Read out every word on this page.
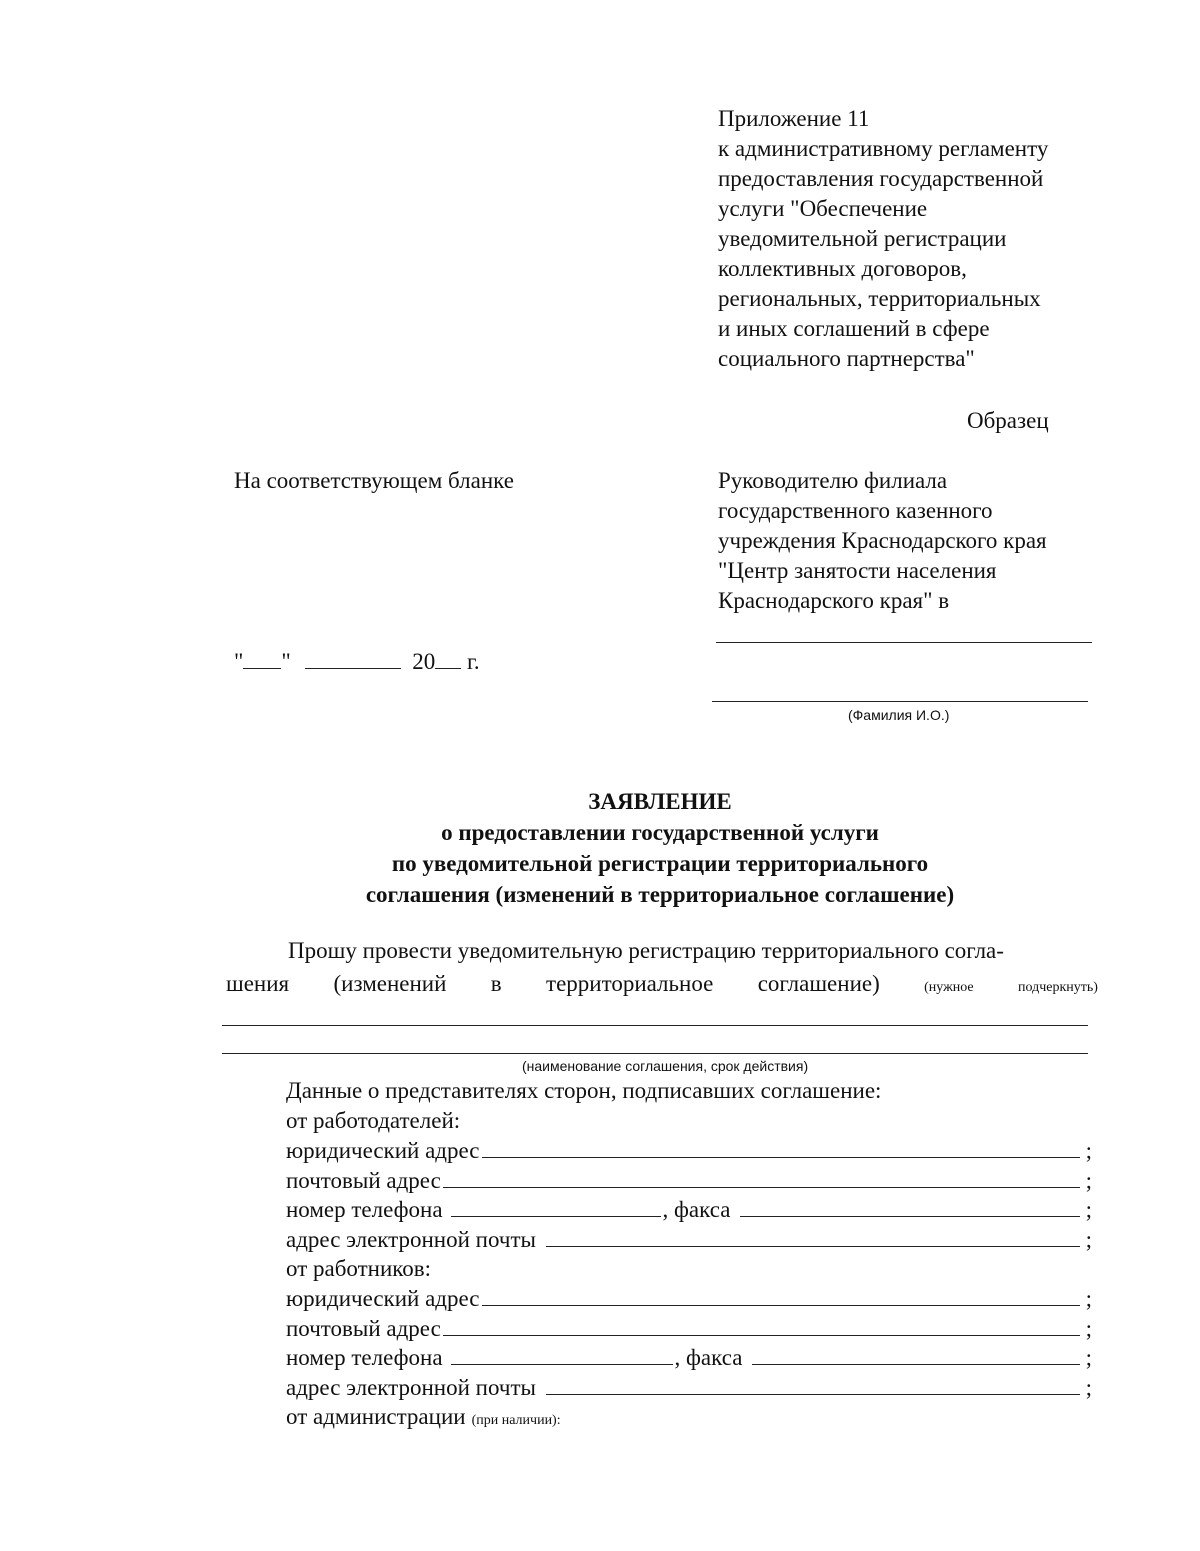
Приложение 11
к административному регламенту
предоставления государственной
услуги "Обеспечение
уведомительной регистрации
коллективных договоров,
региональных, территориальных
и иных соглашений в сфере
социального партнерства"
Образец
На соответствующем бланке	Руководителю филиала
государственного казенного
учреждения Краснодарского края
"Центр занятости населения
Краснодарского края" в
(Фамилия И.О.)
" "	20 г.
ЗАЯВЛЕНИЕ
о предоставлении государственной услуги
по уведомительной регистрации территориального
соглашения (изменений в территориальное соглашение)
Прошу провести уведомительную регистрацию территориального согла-
шения (изменений в территориальное соглашение)	(нужное	подчеркнуть)
(наименование соглашения, срок действия)
Данные о представителях сторон, подписавших соглашение:
от работодателей:
юридический адрес	;
почтовый адрес	;
номер телефона	, факса	;
адрес электронной почты	;
от работников:
юридический адрес	;
почтовый адрес	;
номер телефона	, факса	;
адрес электронной почты	;
от администрации (при наличии):
